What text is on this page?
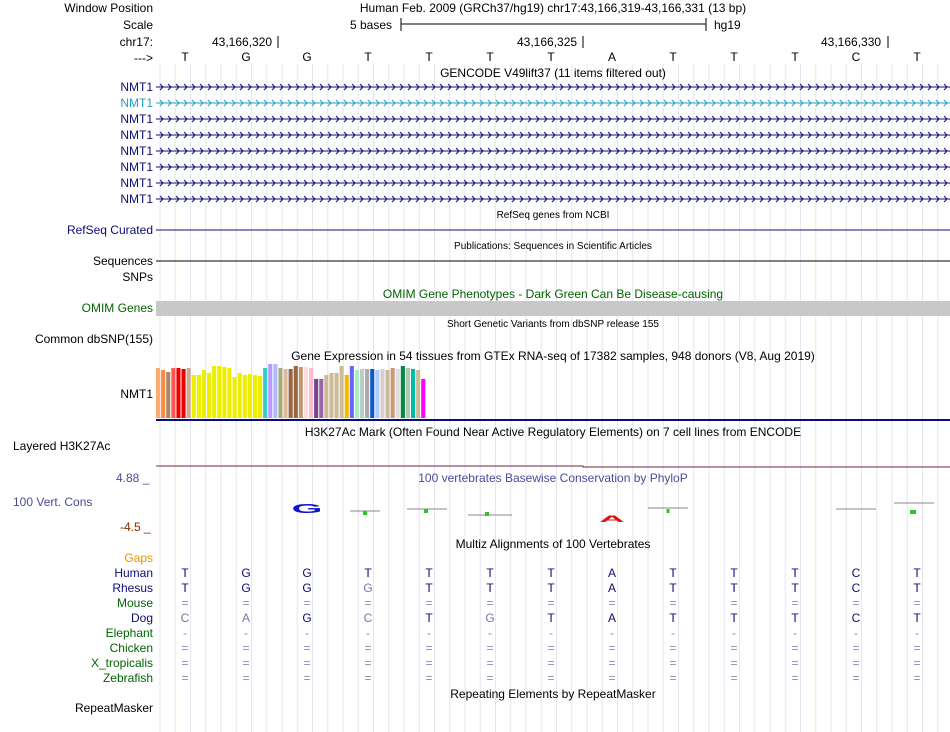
G
A
Window Position	Human Feb. 2009 (GRCh37/hg19) chr17:43,166,319-43,166,331 (13 bp)
Scale	5 bases	hg19
chr17:	43,166,320	43,166,325	43,166,330
--->	T	G	G	T	T	T	T	A	T	T	T	C	T
GENCODE V49lift37 (11 items filtered out)
NMT1
NMT1
NMT1
NMT1
NMT1
NMT1
NMT1
NMT1
RefSeq genes from NCBI
RefSeq Curated
Publications: Sequences in Scientific Articles
Sequences
SNPs
OMIM Gene Phenotypes - Dark Green Can Be Disease-causing
OMIM Genes
Short Genetic Variants from dbSNP release 155
Common dbSNP(155)
Gene Expression in 54 tissues from GTEx RNA-seq of 17382 samples, 948 donors (V8, Aug 2019)
NMT1
H3K27Ac Mark (Often Found Near Active Regulatory Elements) on 7 cell lines from ENCODE
Layered H3K27Ac
4.88 _	100 vertebrates Basewise Conservation by PhyloP
100 Vert. Cons
-4.5 _
Multiz Alignments of 100 Vertebrates
Gaps
Human	T	G	G	T	T	T	T	A	T	T	T	C	T
Rhesus	T	G	G	G	T	T	T	A	T	T	T	C	T
Mouse	=	=	=	=	=	=	=	=	=	=	=	=	=
Dog	C	A	G	C	T	G	T	A	T	T	T	C	T
Elephant	-	-	-	-	-	-	-	-	-	-	-	-	-
Chicken	=	=	=	=	=	=	=	=	=	=	=	=	=
X_tropicalis	=	=	=	=	=	=	=	=	=	=	=	=	=
Zebrafish	=	=	=	=	=	=	=	=	=	=	=	=	=
Repeating Elements by RepeatMasker
RepeatMasker
